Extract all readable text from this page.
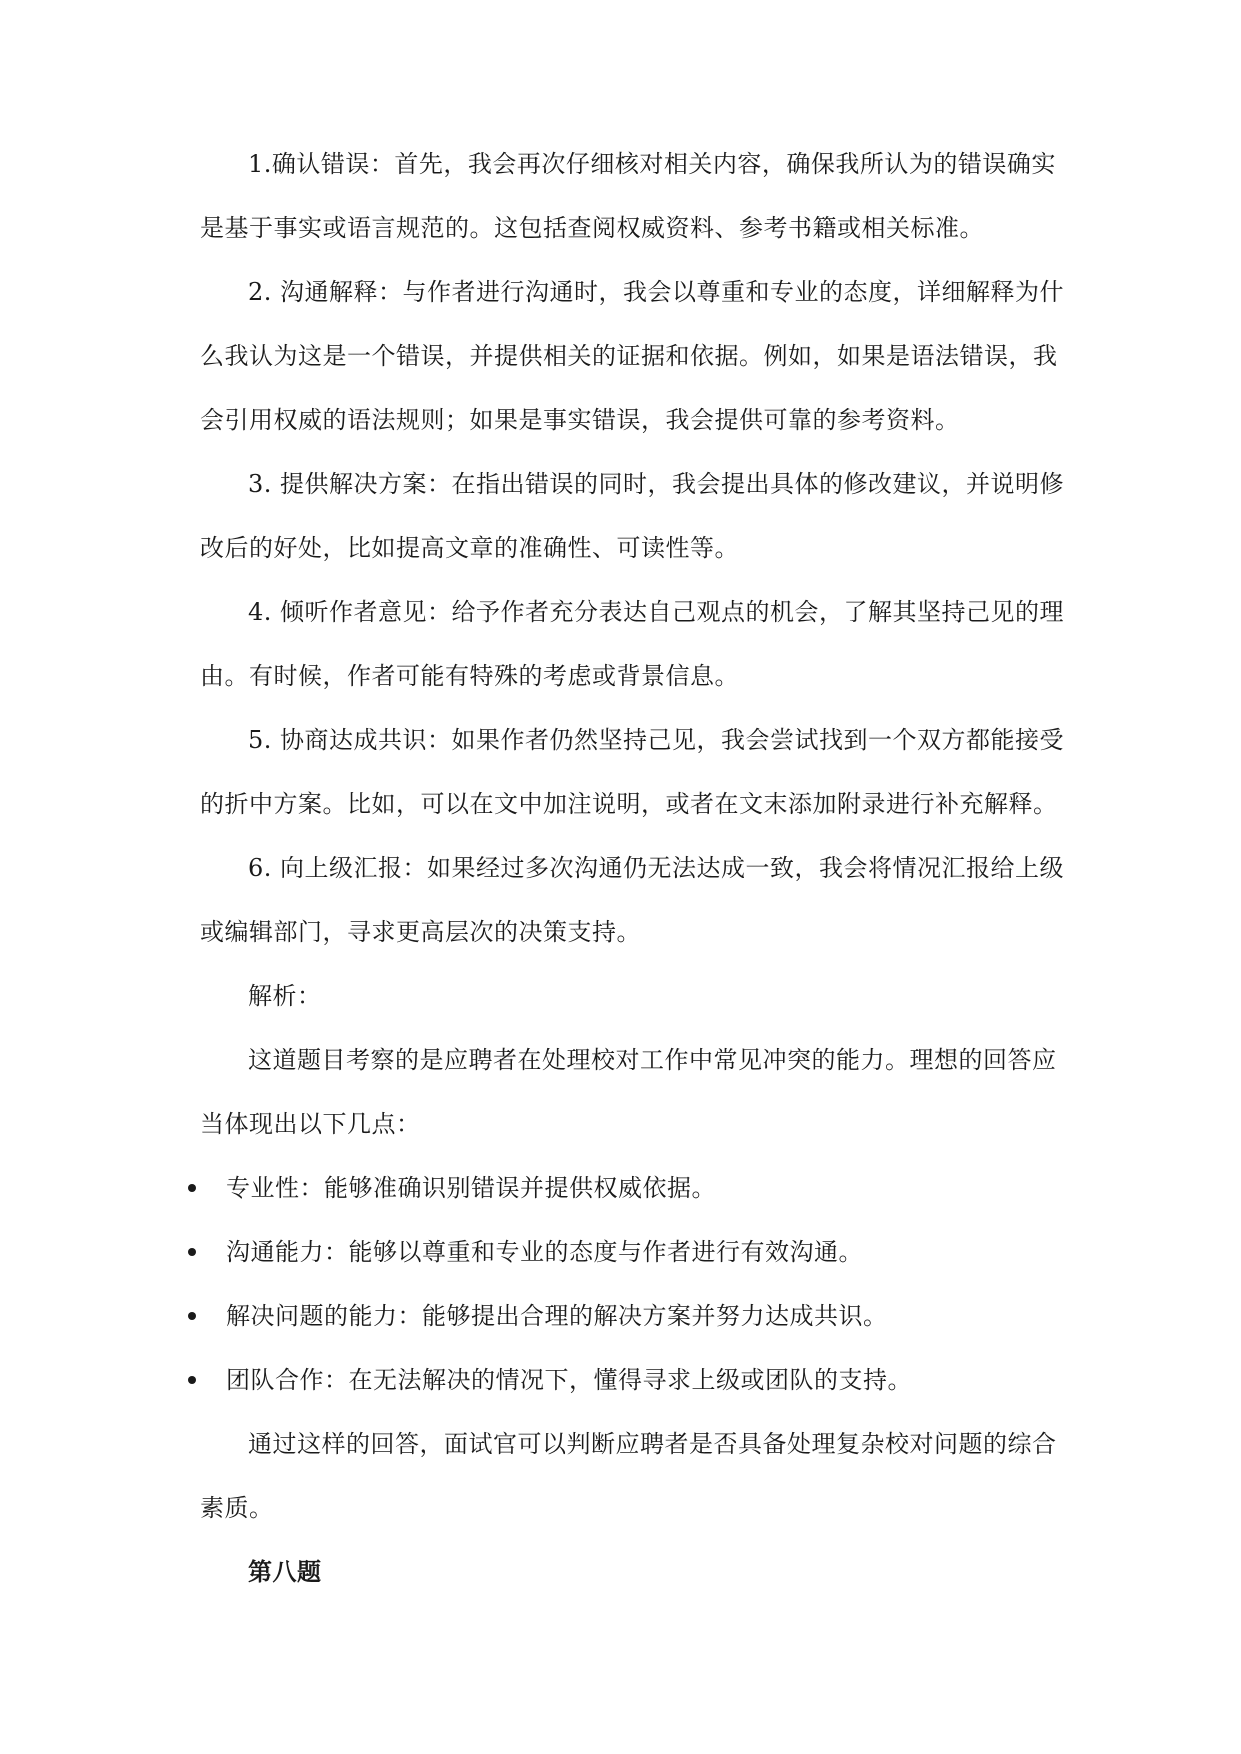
1.确认错误：首先，我会再次仔细核对相关内容，确保我所认为的错误确实是基于事实或语言规范的。这包括查阅权威资料、参考书籍或相关标准。

2. 沟通解释：与作者进行沟通时，我会以尊重和专业的态度，详细解释为什么我认为这是一个错误，并提供相关的证据和依据。例如，如果是语法错误，我会引用权威的语法规则；如果是事实错误，我会提供可靠的参考资料。

3. 提供解决方案：在指出错误的同时，我会提出具体的修改建议，并说明修改后的好处，比如提高文章的准确性、可读性等。

4. 倾听作者意见：给予作者充分表达自己观点的机会，了解其坚持己见的理由。有时候，作者可能有特殊的考虑或背景信息。

5. 协商达成共识：如果作者仍然坚持己见，我会尝试找到一个双方都能接受的折中方案。比如，可以在文中加注说明，或者在文末添加附录进行补充解释。

6. 向上级汇报：如果经过多次沟通仍无法达成一致，我会将情况汇报给上级或编辑部门，寻求更高层次的决策支持。

解析：

这道题目考察的是应聘者在处理校对工作中常见冲突的能力。理想的回答应当体现出以下几点：

专业性：能够准确识别错误并提供权威依据。
沟通能力：能够以尊重和专业的态度与作者进行有效沟通。
解决问题的能力：能够提出合理的解决方案并努力达成共识。
团队合作：在无法解决的情况下，懂得寻求上级或团队的支持。

通过这样的回答，面试官可以判断应聘者是否具备处理复杂校对问题的综合素质。

第八题
